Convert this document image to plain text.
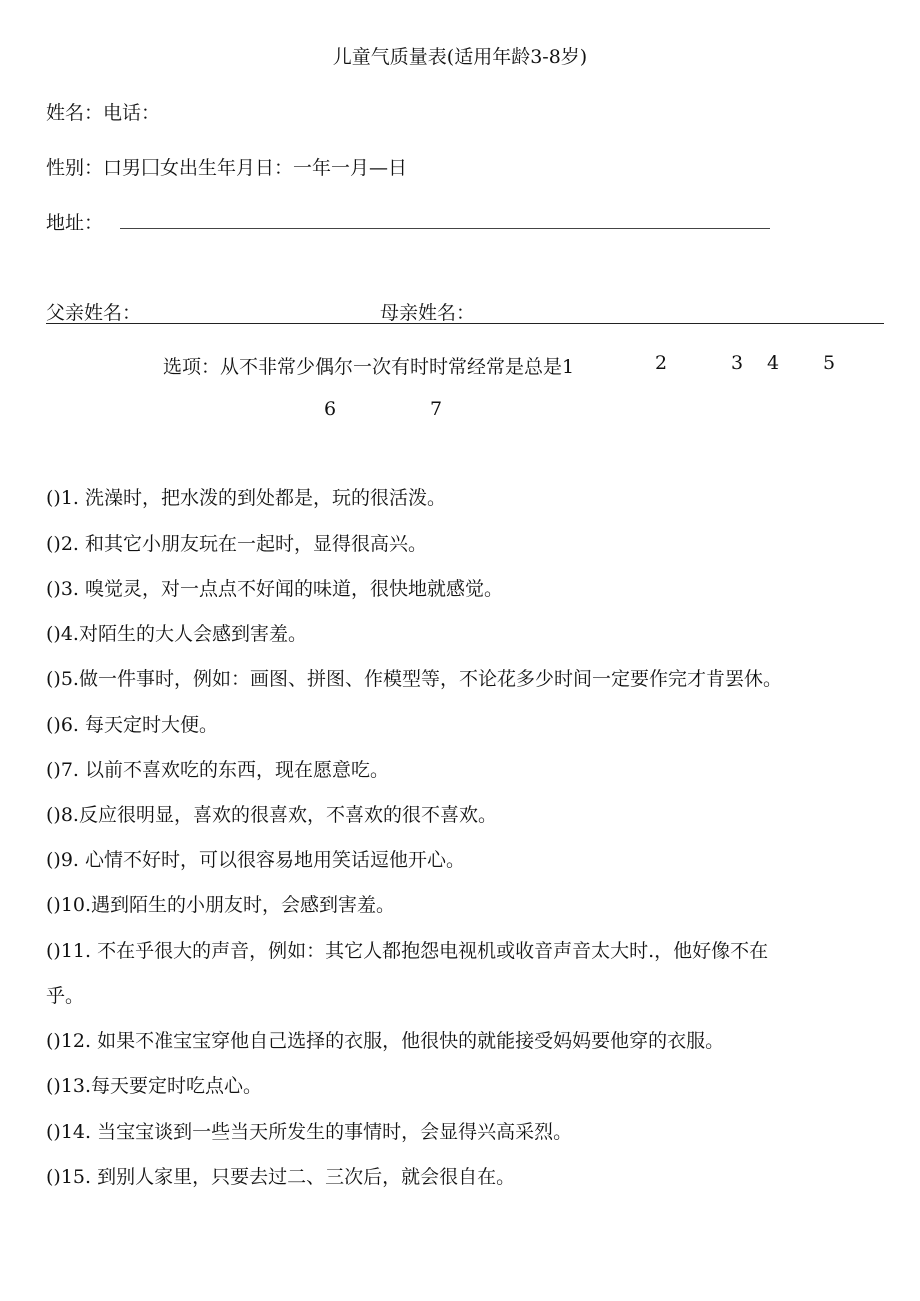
儿童气质量表(适用年龄3-8岁)
姓名：电话：
性别：口男囗女出生年月日：一年一月—日
地址：
父亲姓名：	母亲姓名：
选项：从不非常少偶尔一次有时时常经常是总是1	2	3 4 5
6	7
()1. 洗澡时，把水泼的到处都是，玩的很活泼。
()2. 和其它小朋友玩在一起时，显得很高兴。
()3. 嗅觉灵，对一点点不好闻的味道，很快地就感觉。
()4.对陌生的大人会感到害羞。
()5.做一件事时，例如：画图、拼图、作模型等，不论花多少时间一定要作完才肯罢休。
()6. 每天定时大便。
()7. 以前不喜欢吃的东西，现在愿意吃。
()8.反应很明显，喜欢的很喜欢，不喜欢的很不喜欢。
()9. 心情不好时，可以很容易地用笑话逗他开心。
()10.遇到陌生的小朋友时，会感到害羞。
()11. 不在乎很大的声音，例如：其它人都抱怨电视机或收音声音太大时.，他好像不在
乎。
()12. 如果不准宝宝穿他自己选择的衣服，他很快的就能接受妈妈要他穿的衣服。
()13.每天要定时吃点心。
()14. 当宝宝谈到一些当天所发生的事情时，会显得兴高采烈。
()15. 到别人家里，只要去过二、三次后，就会很自在。
